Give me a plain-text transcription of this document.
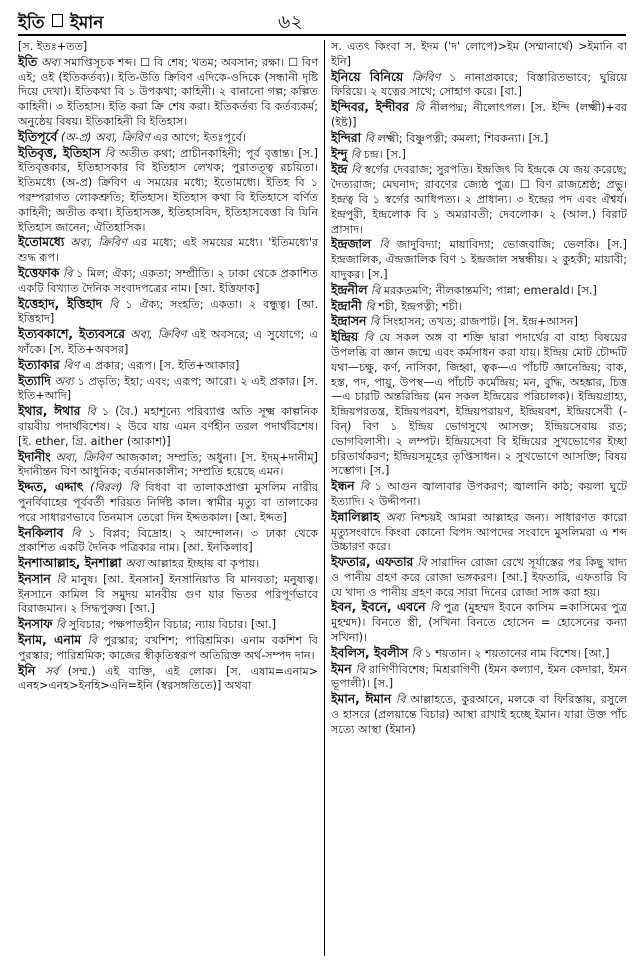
ইতি ইমান	৬২

[স. ইতঃ+তত]

ইতি অব্য সমাপ্তিসূচক শব্দ। ☐ বি শেষ; খতম; অবসান; রক্ষা। ☐ বিণ এই; ওই (ইতিকর্তব্য)। ইতি-উতি ক্রিবিণ এদিকে-ওদিকে (সন্ধানী দৃষ্টি দিয়ে দেখা)। ইতিকথা বি ১ উপকথা; কাহিনী। ২ বানানো গল্প; কল্পিত কাহিনী। ৩ ইতিহাস। ইতি করা ক্রি শেষ করা। ইতিকর্তব্য বি কর্তব্যকর্ম; অনুষ্ঠেয় বিষয়। ইতিকাহিনী বি ইতিহাস।

ইতিপূর্বে (অ-প্র) অব্য, ক্রিবিণ এর আগে; ইতঃপূর্বে।

ইতিবৃত্ত, ইতিহাস বি অতীত কথা; প্রাচীনকাহিনী; পূর্ব বৃত্তান্ত। [স.] ইতিবৃত্তকার, ইতিহাসকার বি ইতিহাস লেখক; পুরাতত্ত্ব রচয়িতা। ইতিমধ্যে (অ-প্র) ক্রিবিণ এ সময়ের মধ্যে; ইতোমধ্যে। ইতিহ বি ১ পরম্পরাগত লোকশ্রুতি; ইতিহাস। ইতিহাস কথা বি ইতিহাসে বর্ণিত কাহিনী; অতীত কথা। ইতিহাসজ্ঞ, ইতিহাসবিদ, ইতিহাসবেত্তা বি যিনি ইতিহাস জানেন; ঐতিহাসিক।

ইতোমধ্যে অব্য, ক্রিবিণ এর মধ্যে; এই সময়ের মধ্যে। 'ইতিমধ্যে'র শুদ্ধ রূপ।

ইত্তেফাক বি ১ মিল; ঐক্য; একতা; সম্প্রীতি। ২ ঢাকা থেকে প্রকাশিত একটি বিখ্যাত দৈনিক সংবাদপত্রের নাম। [আ. ইত্তিফাক]

ইত্তেহাদ, ইত্তিহাদ বি ১ ঐক্য; সংহতি; একতা। ২ বন্ধুত্ব। [আ. ইত্তিহাদ]

ইত্যবকাশে, ইত্যবসরে অব্য, ক্রিবিণ এই অবসরে; এ সুযোগে; এ ফাঁকে। [স. ইতি+অবসর]

ইত্যাকার বিণ এ প্রকার; এরূপ। [স. ইতি+আকার]

ইত্যাদি অব্য ১ প্রভৃতি; ইহা; এবং; এরূপ; আরো। ২ এই প্রকার। [স. ইতি+আদি]

ইথার, ঈথার বি ১ (বৈ.) মহাশূন্যে পরিব্যাপ্ত অতি সূক্ষ্ম কাল্পনিক বায়বীয় পদার্থবিশেষ। ২ উবে যায় এমন বর্ণহীন তরল পদার্থবিশেষ। [ই. ether, গ্রি. aither (আকাশ)]

ইদানীং অব্য, ক্রিবিণ আজকাল; সম্প্রতি; অধুনা। [স. ইদম্‌+দানীম্‌] ইদানীন্তন বিণ আধুনিক; বর্তমানকালীন; সম্প্রতি হয়েছে এমন।

ইদ্দত, এদ্দাৎ (বিরল) বি বিধবা বা তালাকপ্রাপ্তা মুসলিম নারীর পুনর্বিবাহের পূর্ববর্তী শরিয়ত নির্দিষ্ট কাল। স্বামীর মৃত্যু বা তালাকের পরে সাধারণভাবে তিনমাস তেরো দিন ইদ্দতকাল। [আ. ইদ্দত]

ইনকিলাব বি ১ বিপ্লব; বিদ্রোহ। ২ আন্দোলন। ৩ ঢাকা থেকে প্রকাশিত একটি দৈনিক পত্রিকার নাম। [আ. ইনকিলাব]

ইনশাআল্লাহ, ইনশাল্লা অব্য আল্লাহর ইচ্ছায় বা কৃপায়।

ইনসান বি মানুষ। [আ. ইনসান] ইনসানিয়াত বি মানবতা; মনুষ্যত্ব। ইনসানে কামিল বি সমুদয় মানবীয় গুণ যার ভিতর পরিপূর্ণভাবে বিরাজমান। ২ সিদ্ধপুরুষ। [আ.]

ইনসাফ বি সুবিচার; পক্ষপাতহীন বিচার; ন্যায় বিচার। [আ.]

ইনাম, এনাম বি পুরস্কার; বখশিশ; পারিশ্রমিক। এনাম বকশিশ বি পুরস্কার; পারিশ্রমিক; কাজের স্বীকৃতিস্বরূপ অতিরিক্ত অর্থ-সম্পদ দান।

ইনি সর্ব (সম্ম.) এই ব্যক্তি, এই লোক। [স. এষাম=এনাম> এনহ>এনহ>ইনহি>এনি=ইনি (স্বরসঙ্গতিতে)] অথবা

স. এতৎ কিংবা স. ইদম ('দ' লোপে)>ইম (সম্মানার্থে) >ইমানি বা ইনি]

ইনিয়ে বিনিয়ে ক্রিবিণ ১ নানাপ্রকারে; বিস্তারিতভাবে; ঘুরিয়ে ফিরিয়ে। ২ যত্নের সাথে; সোহাগ করে। [বা.]

ইন্দিবর, ইন্দীবর বি নীলপদ্ম; নীলোৎপল। [স. ইন্দি (লক্ষ্মী)+বর (ইষ্ট)]

ইন্দিরা বি লক্ষ্মী; বিষ্ণুপত্নী; কমলা; শিবকন্যা। [স.]

ইন্দু বি চন্দ্র। [স.]

ইন্দ্র বি স্বর্গের দেবরাজ; সুরপতি। ইন্দ্রজিৎ বি ইন্দ্রকে যে জয় করেছে; দৈত্যরাজ; মেঘনাদ; রাবণের জ্যেষ্ঠ পুত্র। ☐ বিণ রাজশ্রেষ্ঠ; প্রভু। ইন্দ্রত্ব বি ১ স্বর্গের আধিপত্য। ২ প্রাধান্য। ৩ ইন্দ্রের পদ এবং ঐশ্বর্য। ইন্দ্রপুরী, ইন্দ্রলোক বি ১ অমরাবতী; দেবলোক। ২ (আল.) বিরাট প্রাসাদ।

ইন্দ্রজাল বি জাদুবিদ্যা; মায়াবিদ্যা; ভোজবাজি; ভেলকি। [স.] ইন্দ্রজালিক, ঐন্দ্রজালিক বিণ ১ ইন্দ্রজাল সম্বন্ধীয়। ২ কুহকী; মায়াবী; যাদুকর। [স.]

ইন্দ্রনীল বি মরকতমণি; নীলকান্তমণি; পান্না; emerald। [স.]

ইন্দ্রানী বি শচী, ইন্দ্রপত্নী; শচী।

ইন্দ্রাসন বি সিংহাসন; তখত; রাজপাট। [স. ইন্দ্র+আসন]

ইন্দ্রিয় বি যে সকল অঙ্গ বা শক্তি দ্বারা পদার্থের বা বাহ্য বিষয়ের উপলব্ধি বা জ্ঞান জন্মে এবং কর্মসাধন করা যায়। ইন্দ্রিয় মোট চৌদ্দটি যথা—চক্ষু, কর্ণ, নাসিকা, জিহ্বা, ত্বক—এ পাঁচটি জ্ঞানেন্দ্রিয়; বাক, হস্ত, পদ, পায়ু, উপস্থ—এ পাঁচটি কর্মেন্দ্রিয়; মন, বুদ্ধি, অহঙ্কার, চিত্ত—এ চারটি অন্তরিন্দ্রিয় (মন সকল ইন্দ্রিয়ের পরিচালক)। ইন্দ্রিয়গ্রাহ্য, ইন্দ্রিয়পরতন্ত্র, ইন্দ্রিয়পরবশ, ইন্দ্রিয়পরায়ণ, ইন্দ্রিয়বশ, ইন্দ্রিয়সেবী (-বিন্) বিণ ১ ইন্দ্রিয় ভোগসুখে আসক্ত; ইন্দ্রিয়সেবায় রত; ভোগবিলাসী। ২ লম্পট। ইন্দ্রিয়সেবা বি ইন্দ্রিয়ের সুখভোগের ইচ্ছা চরিতার্থকরণ; ইন্দ্রিয়সমূহের তৃপ্তিসাধন। ২ সুখভোগে আসক্তি; বিষয় সম্ভোগ। [স.]

ইন্ধন বি ১ আগুন জ্বালাবার উপকরণ; জ্বালানি কাঠ; কয়লা ঘুটে ইত্যাদি। ২ উদ্দীপনা।

ইন্নালিল্লাহ অব্য নিশ্চয়ই আমরা আল্লাহর জন্য। সাধারণত কারো মৃত্যুসংবাদে কিংবা কোনো বিপদ আপদের সংবাদে মুসলিমরা এ শব্দ উচ্চারণ করে।

ইফতার, এফতার বি সারাদিন রোজা রেখে সূর্যাস্তের পর কিছু খাদ্য ও পানীয় গ্রহণ করে রোজা ভঙ্গকরণ। [আ.] ইফতারি, এফতারি বি যে খাদ্য ও পানীয় গ্রহণ করে সারা দিনের রোজা সাঙ্গ করা হয়।

ইবন, ইবনে, এবনে বি পুত্র (মুহম্মদ ইবনে কাসিম =কাসিমের পুত্র মুহম্মদ)। বিনতে স্ত্রী, (সখিনা বিনতে হোসেন = হোসেনের কন্যা সখিনা)।

ইবলিস, ইবলীস বি ১ শয়তান। ২ শয়তানের নাম বিশেষ। [আ.]

ইমন বি রাগিণীবিশেষ; মিশ্ররাগিণী (ইমন কল্যাণ, ইমন কেদারা, ইমন ভূপালী)। [স.]

ইমান, ঈমান বি আল্লাহতে, কুরআনে, মলকে বা ফিরিস্তায়, রসুলে ও হাসরে (প্রলয়ান্তে বিচার) আস্থা রাখাই হচ্ছে ইমান। যারা উক্ত পাঁচ সত্যে আস্থা (ইমান)
